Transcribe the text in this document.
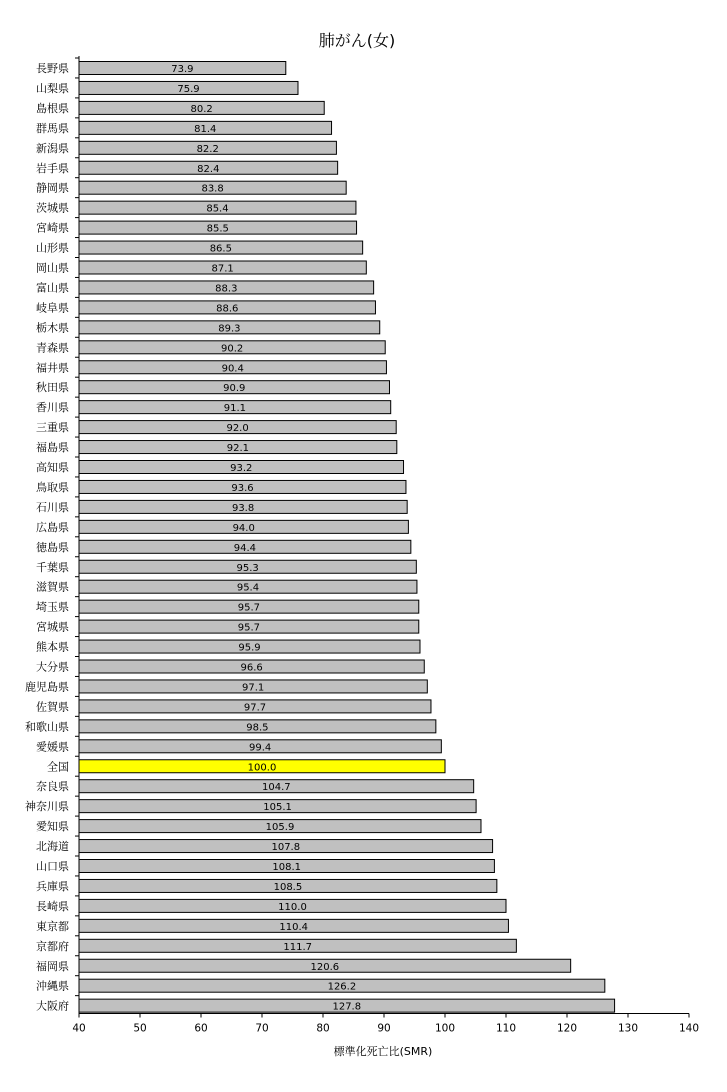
肺がん(女)
長野県	73.9
山梨県	75.9
島根県	80.2
群馬県	81.4
新潟県	82.2
岩手県	82.4
静岡県	83.8
茨城県	85.4
宮崎県	85.5
山形県	86.5
岡山県	87.1
富山県	88.3
岐阜県	88.6
栃木県	89.3
青森県	90.2
福井県	90.4
秋田県	90.9
香川県	91.1
三重県	92.0
福島県	92.1
高知県	93.2
鳥取県	93.6
石川県	93.8
広島県	94.0
徳島県	94.4
千葉県	95.3
滋賀県	95.4
埼玉県	95.7
宮城県	95.7
熊本県	95.9
大分県	96.6
鹿児島県	97.1
佐賀県	97.7
和歌山県	98.5
愛媛県	99.4
全国	100.0
奈良県	104.7
神奈川県	105.1
愛知県	105.9
北海道	107.8
山口県	108.1
兵庫県	108.5
長崎県	110.0
東京都	110.4
京都府	111.7
福岡県	120.6
沖縄県	126.2
大阪府	127.8
40	50	60	70	80	90	100	110	120	130	140
標準化死亡比(SMR)
